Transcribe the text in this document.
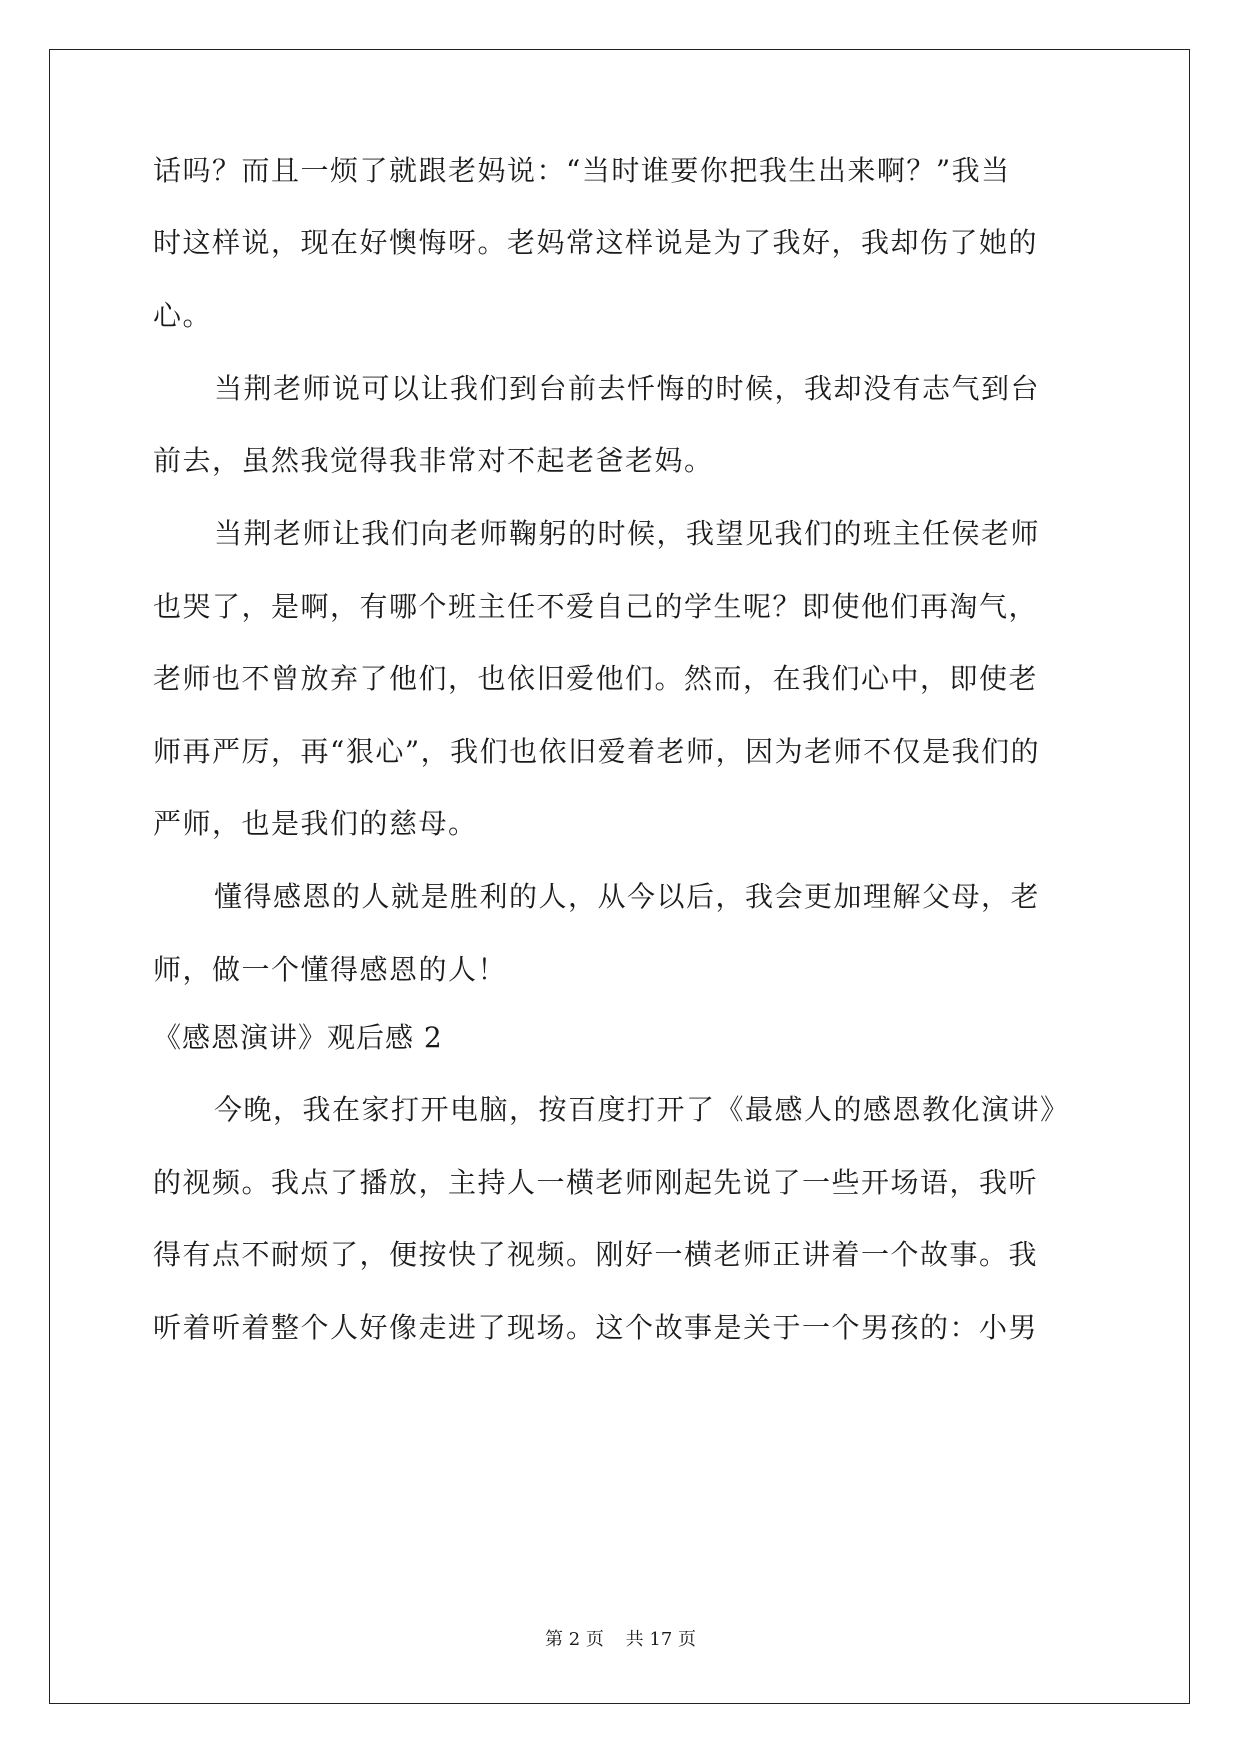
话吗？而且一烦了就跟老妈说：“当时谁要你把我生出来啊？”我当
时这样说，现在好懊悔呀。老妈常这样说是为了我好，我却伤了她的
心。
当荆老师说可以让我们到台前去忏悔的时候，我却没有志气到台
前去，虽然我觉得我非常对不起老爸老妈。
当荆老师让我们向老师鞠躬的时候，我望见我们的班主任侯老师
也哭了，是啊，有哪个班主任不爱自己的学生呢？即使他们再淘气，
老师也不曾放弃了他们，也依旧爱他们。然而，在我们心中，即使老
师再严厉，再“狠心”，我们也依旧爱着老师，因为老师不仅是我们的
严师，也是我们的慈母。
懂得感恩的人就是胜利的人，从今以后，我会更加理解父母，老
师，做一个懂得感恩的人！
《感恩演讲》观后感 2
今晚，我在家打开电脑，按百度打开了《最感人的感恩教化演讲》
的视频。我点了播放，主持人一横老师刚起先说了一些开场语，我听
得有点不耐烦了，便按快了视频。刚好一横老师正讲着一个故事。我
听着听着整个人好像走进了现场。这个故事是关于一个男孩的：小男
第 2 页 共 17 页
